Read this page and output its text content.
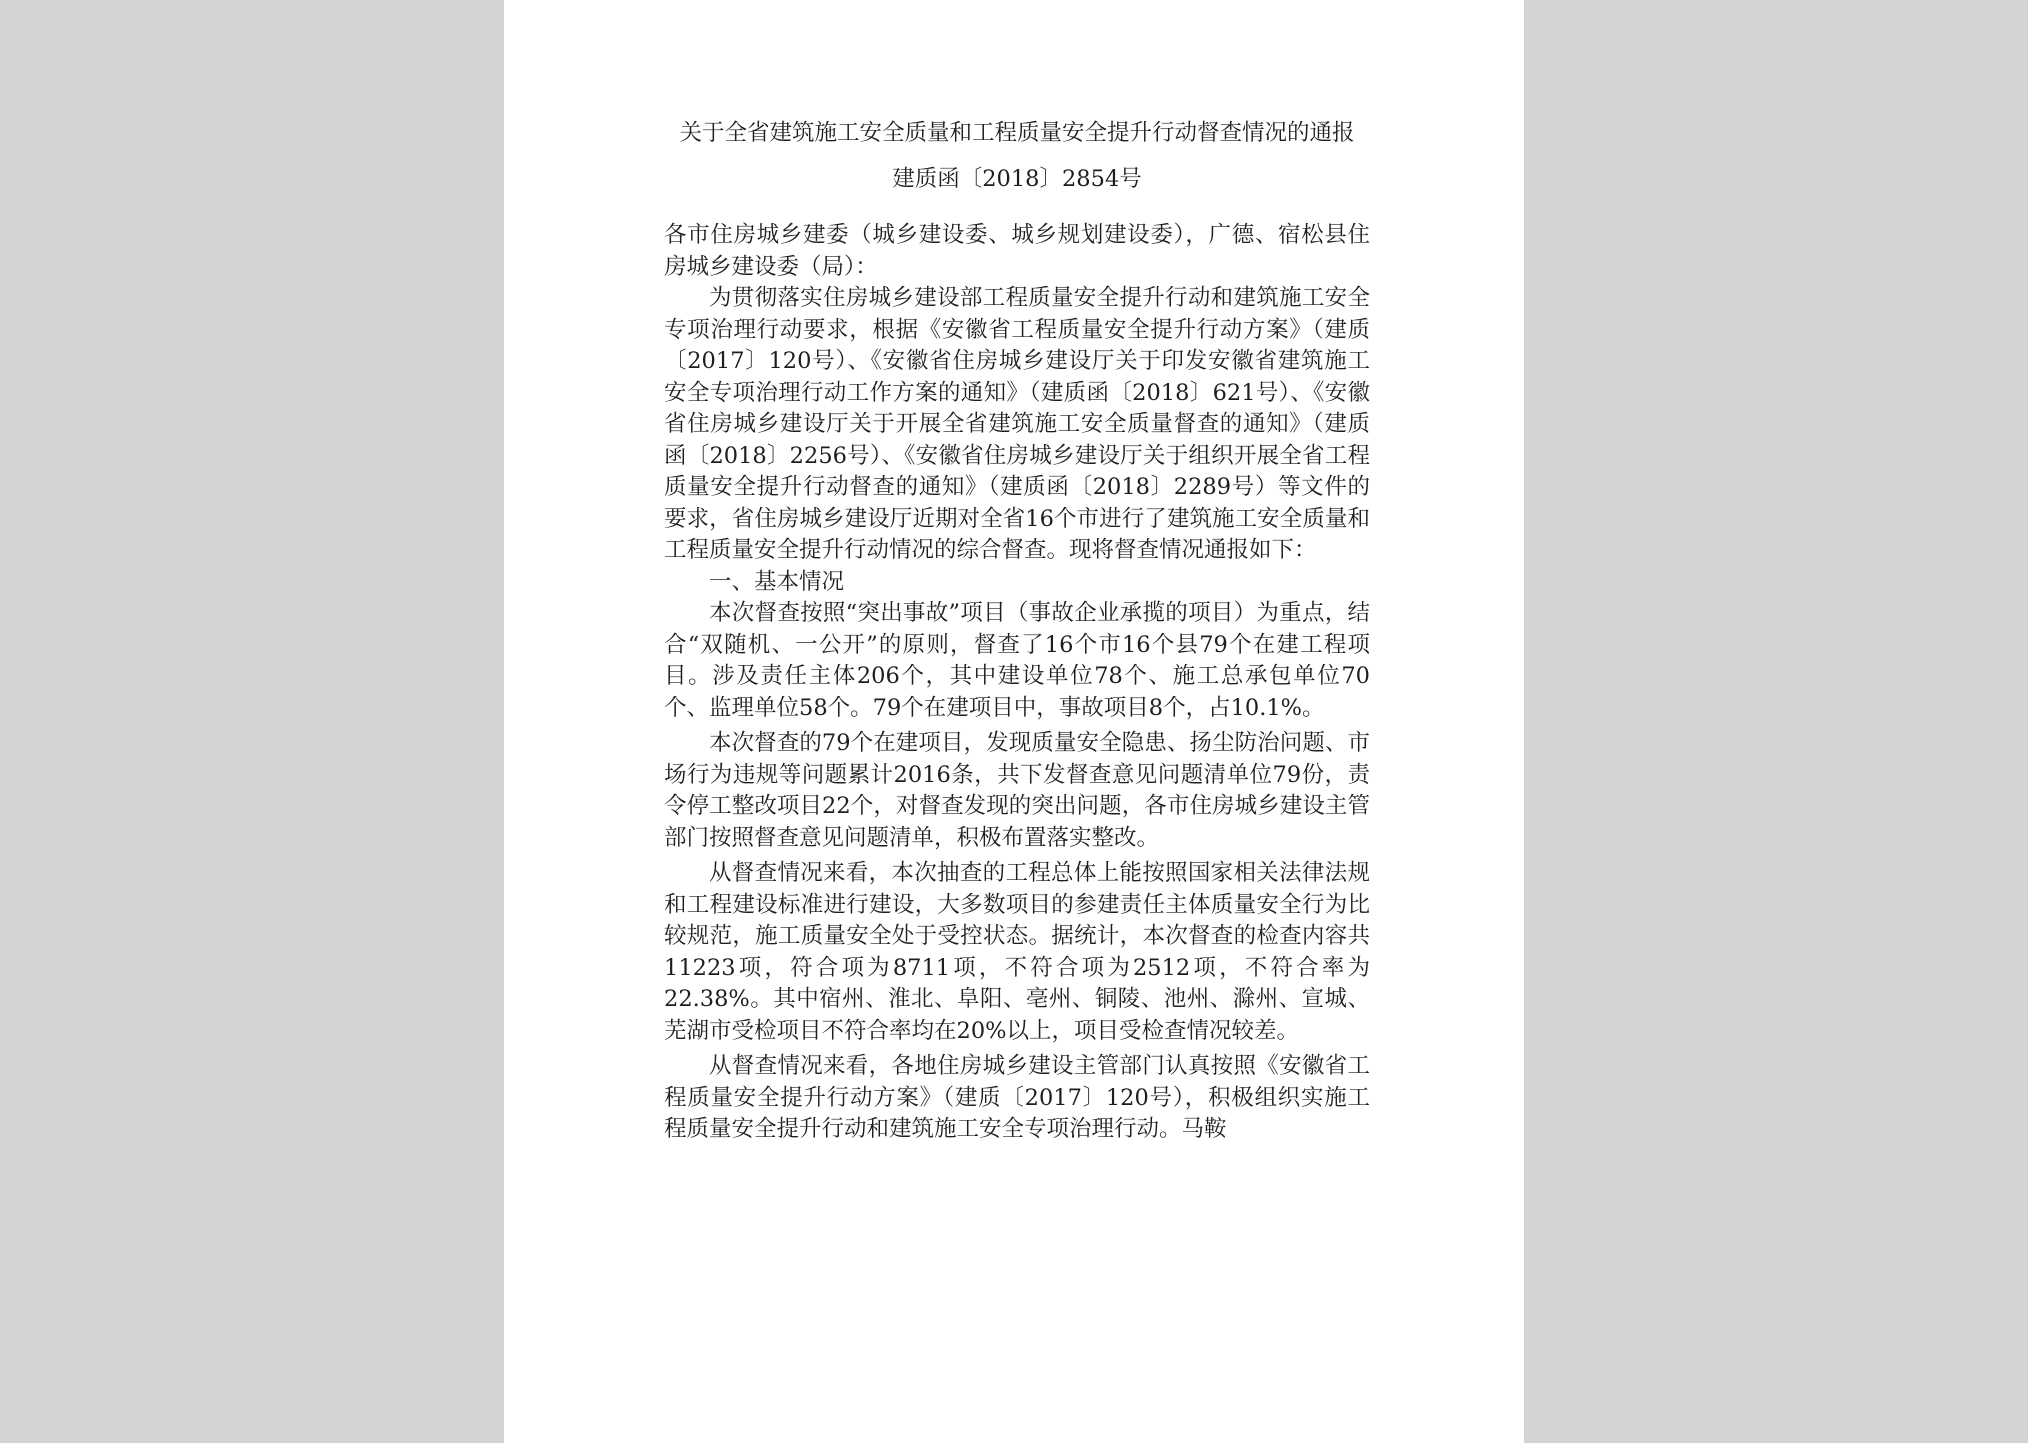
关于全省建筑施工安全质量和工程质量安全提升行动督查情况的通报

建质函〔2018〕2854号

各市住房城乡建委（城乡建设委、城乡规划建设委），广德、宿松县住房城乡建设委（局）：

为贯彻落实住房城乡建设部工程质量安全提升行动和建筑施工安全专项治理行动要求，根据《安徽省工程质量安全提升行动方案》（建质〔2017〕120号）、《安徽省住房城乡建设厅关于印发安徽省建筑施工安全专项治理行动工作方案的通知》（建质函〔2018〕621号）、《安徽省住房城乡建设厅关于开展全省建筑施工安全质量督查的通知》（建质函〔2018〕2256号）、《安徽省住房城乡建设厅关于组织开展全省工程质量安全提升行动督查的通知》（建质函〔2018〕2289号）等文件的要求，省住房城乡建设厅近期对全省16个市进行了建筑施工安全质量和工程质量安全提升行动情况的综合督查。现将督查情况通报如下：

一、基本情况

本次督查按照“突出事故”项目（事故企业承揽的项目）为重点，结合“双随机、一公开”的原则，督查了16个市16个县79个在建工程项目。涉及责任主体206个，其中建设单位78个、施工总承包单位70个、监理单位58个。79个在建项目中，事故项目8个，占10.1%。

本次督查的79个在建项目，发现质量安全隐患、扬尘防治问题、市场行为违规等问题累计2016条，共下发督查意见问题清单位79份，责令停工整改项目22个，对督查发现的突出问题，各市住房城乡建设主管部门按照督查意见问题清单，积极布置落实整改。

从督查情况来看，本次抽查的工程总体上能按照国家相关法律法规和工程建设标准进行建设，大多数项目的参建责任主体质量安全行为比较规范，施工质量安全处于受控状态。据统计，本次督查的检查内容共11223项，符合项为8711项，不符合项为2512项，不符合率为22.38%。其中宿州、淮北、阜阳、亳州、铜陵、池州、滁州、宣城、芜湖市受检项目不符合率均在20%以上，项目受检查情况较差。

从督查情况来看，各地住房城乡建设主管部门认真按照《安徽省工程质量安全提升行动方案》（建质〔2017〕120号），积极组织实施工程质量安全提升行动和建筑施工安全专项治理行动。马鞍
